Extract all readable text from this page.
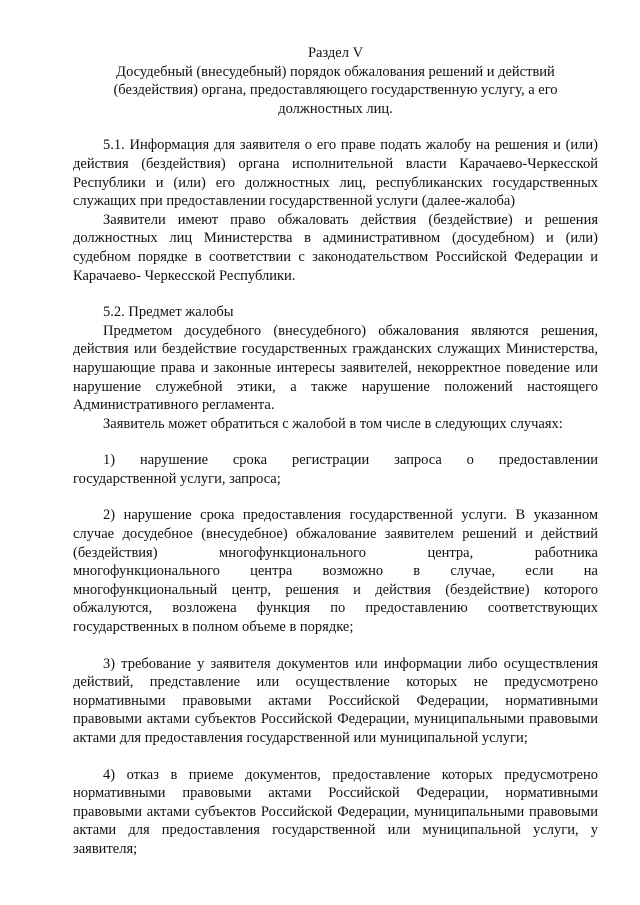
Раздел V

Досудебный (внесудебный) порядок обжалования решений и действий (бездействия) органа, предоставляющего государственную услугу, а его должностных лиц.

5.1. Информация для заявителя о его праве подать жалобу на решения и (или) действия (бездействия) органа исполнительной власти Карачаево-Черкесской Республики и (или) его должностных лиц, республиканских государственных служащих при предоставлении государственной услуги (далее-жалоба)

Заявители имеют право обжаловать действия (бездействие) и решения должностных лиц Министерства в административном (досудебном) и (или) судебном порядке в соответствии с законодательством Российской Федерации и Карачаево- Черкесской Республики.

5.2. Предмет жалобы

Предметом досудебного (внесудебного) обжалования являются решения, действия или бездействие государственных гражданских служащих Министерства, нарушающие права и законные интересы заявителей, некорректное поведение или нарушение служебной этики, а также нарушение положений настоящего Административного регламента.

Заявитель может обратиться с жалобой в том числе в следующих случаях:

1) нарушение срока регистрации запроса о предоставлении

государственной услуги, запроса;

2) нарушение срока предоставления государственной услуги. В указанном

случае досудебное (внесудебное) обжалование заявителем решений и действий

(бездействия)	многофункционального	центра,	работника
многофункционального центра возможно в случае, если на

многофункциональный центр, решения и действия (бездействие) которого обжалуются, возложена функция по предоставлению соответствующих государственных в полном объеме в порядке;

3) требование у заявителя документов или информации либо осуществления действий, представление или осуществление которых не предусмотрено нормативными правовыми актами Российской Федерации, нормативными правовыми актами субъектов Российской Федерации, муниципальными правовыми актами для предоставления государственной или муниципальной услуги;

4) отказ в приеме документов, предоставление которых предусмотрено нормативными правовыми актами Российской Федерации, нормативными правовыми актами субъектов Российской Федерации, муниципальными правовыми актами для предоставления государственной или муниципальной услуги, у заявителя;
